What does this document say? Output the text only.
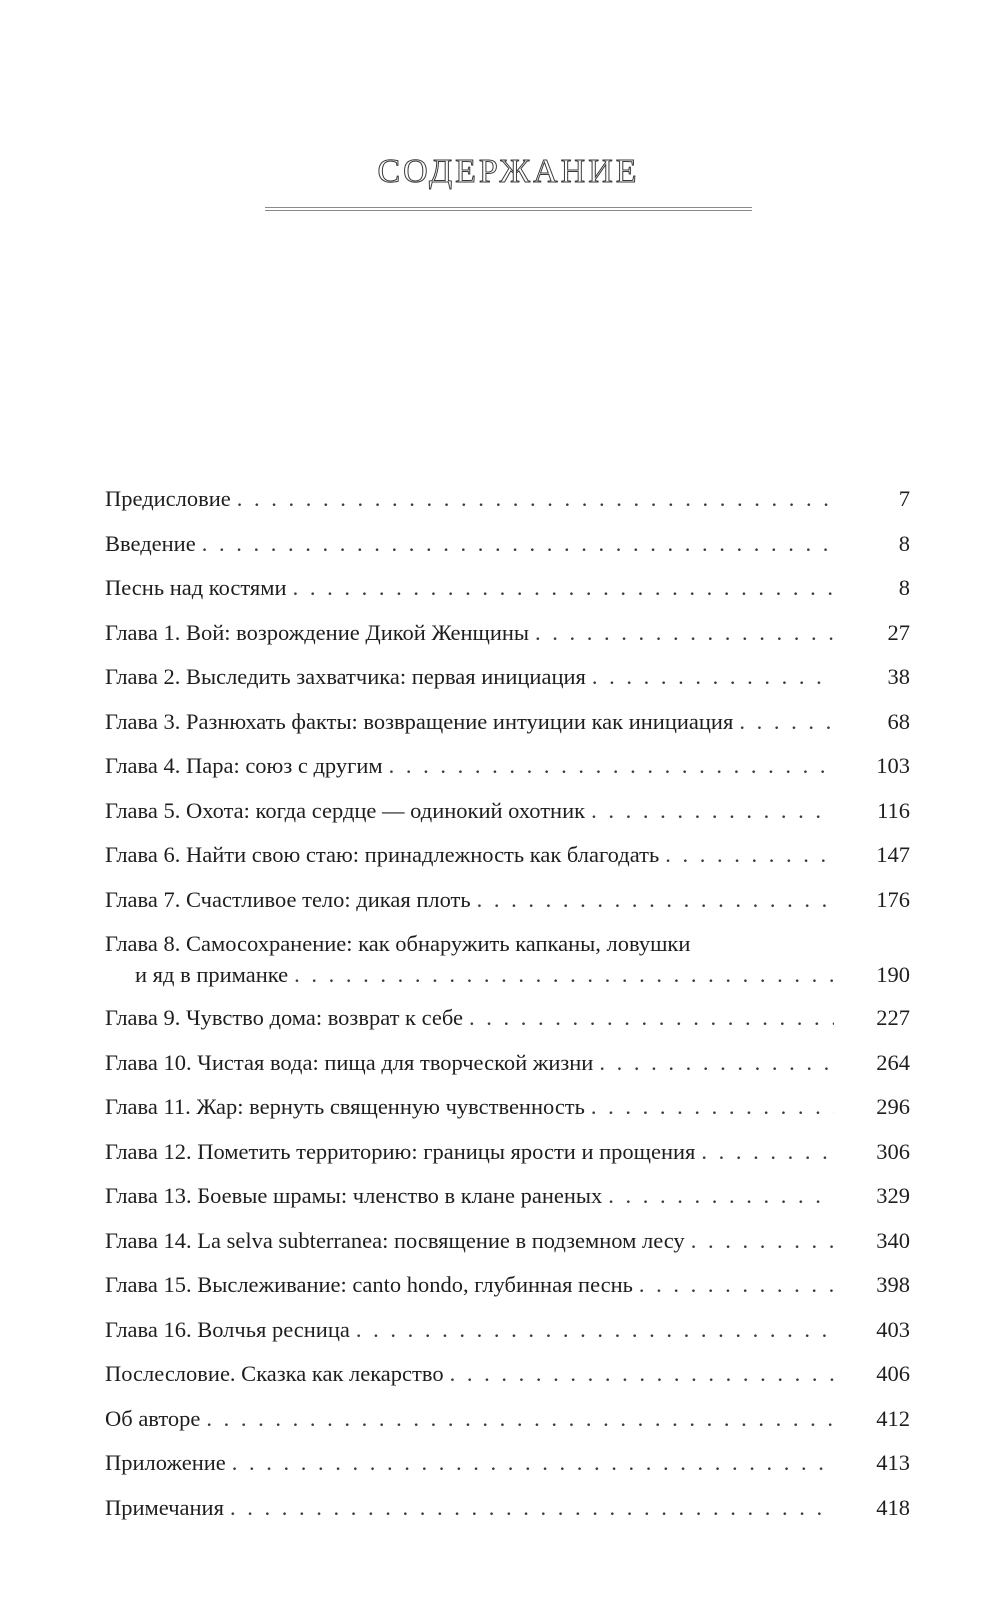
СОДЕРЖАНИЕ
Предисловие . . .	7
Введение . . .	8
Песнь над костями . . .	8
Глава 1. Вой: возрождение Дикой Женщины . . .	27
Глава 2. Выследить захватчика: первая инициация . . .	38
Глава 3. Разнюхать факты: возвращение интуиции как инициация . . .	68
Глава 4. Пара: союз с другим . . .	103
Глава 5. Охота: когда сердце — одинокий охотник . . .	116
Глава 6. Найти свою стаю: принадлежность как благодать . . .	147
Глава 7. Счастливое тело: дикая плоть . . .	176
Глава 8. Самосохранение: как обнаружить капканы, ловушки
и яд в приманке . . .	190
Глава 9. Чувство дома: возврат к себе . . .	227
Глава 10. Чистая вода: пища для творческой жизни . . .	264
Глава 11. Жар: вернуть священную чувственность . . .	296
Глава 12. Пометить территорию: границы ярости и прощения . . .	306
Глава 13. Боевые шрамы: членство в клане раненых . . .	329
Глава 14. La selva subterranea: посвящение в подземном лесу . . .	340
Глава 15. Выслеживание: canto hondo, глубинная песнь . . .	398
Глава 16. Волчья ресница . . .	403
Послесловие. Сказка как лекарство . . .	406
Об авторе . . .	412
Приложение . . .	413
Примечания . . .	418
